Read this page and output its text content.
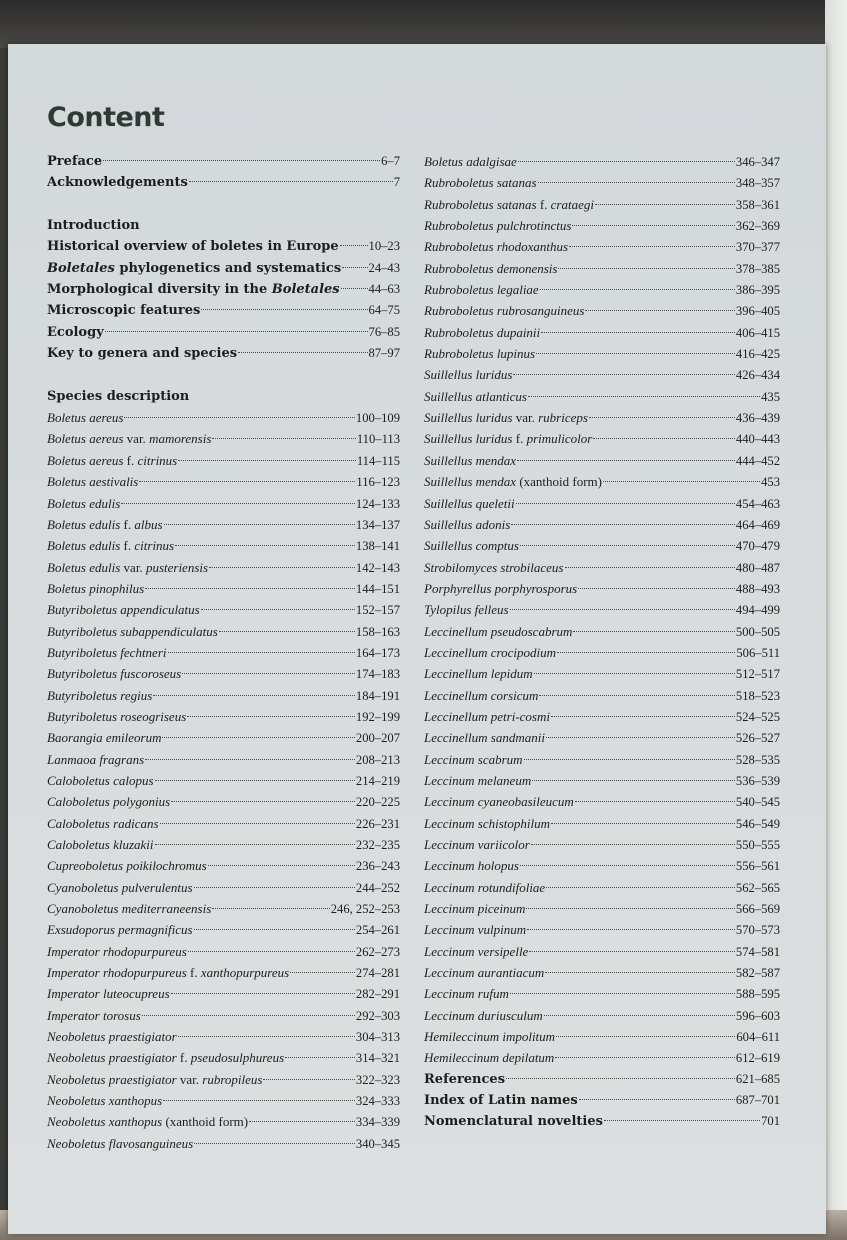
Content
Preface	6–7
Acknowledgements	7
Introduction
Historical overview of boletes in Europe 10–23
Boletales phylogenetics and systematics 24–43
Morphological diversity in the Boletales 44–63
Microscopic features	64–75
Ecology	76–85
Key to genera and species	87–97
Species description
Boletus aereus	100–109
Boletus aereus var. mamorensis	110–113
Boletus aereus f. citrinus	114–115
Boletus aestivalis	116–123
Boletus edulis	124–133
Boletus edulis f. albus	134–137
Boletus edulis f. citrinus	138–141
Boletus edulis var. pusteriensis	142–143
Boletus pinophilus	144–151
Butyriboletus appendiculatus	152–157
Butyriboletus subappendiculatus	158–163
Butyriboletus fechtneri	164–173
Butyriboletus fuscoroseus	174–183
Butyriboletus regius	184–191
Butyriboletus roseogriseus	192–199
Baorangia emileorum	200–207
Lanmaoa fragrans	208–213
Caloboletus calopus	214–219
Caloboletus polygonius	220–225
Caloboletus radicans	226–231
Caloboletus kluzakii	232–235
Cupreoboletus poikilochromus	236–243
Cyanoboletus pulverulentus	244–252
Cyanoboletus mediterraneensis	246, 252–253
Exsudoporus permagnificus	254–261
Imperator rhodopurpureus	262–273
Imperator rhodopurpureus f. xanthopurpureus	274–281
Imperator luteocupreus	282–291
Imperator torosus	292–303
Neoboletus praestigiator	304–313
Neoboletus praestigiator f. pseudosulphureus	314–321
Neoboletus praestigiator var. rubropileus	322–323
Neoboletus xanthopus	324–333
Neoboletus xanthopus (xanthoid form)	334–339
Neoboletus flavosanguineus	340–345
Boletus adalgisae	346–347
Rubroboletus satanas	348–357
Rubroboletus satanas f. crataegi	358–361
Rubroboletus pulchrotinctus	362–369
Rubroboletus rhodoxanthus	370–377
Rubroboletus demonensis	378–385
Rubroboletus legaliae	386–395
Rubroboletus rubrosanguineus	396–405
Rubroboletus dupainii	406–415
Rubroboletus lupinus	416–425
Suillellus luridus	426–434
Suillellus atlanticus	435
Suillellus luridus var. rubriceps	436–439
Suillellus luridus f. primulicolor	440–443
Suillellus mendax	444–452
Suillellus mendax (xanthoid form)	453
Suillellus queletii	454–463
Suillellus adonis	464–469
Suillellus comptus	470–479
Strobilomyces strobilaceus	480–487
Porphyrellus porphyrosporus	488–493
Tylopilus felleus	494–499
Leccinellum pseudoscabrum	500–505
Leccinellum crocipodium	506–511
Leccinellum lepidum	512–517
Leccinellum corsicum	518–523
Leccinellum petri-cosmi	524–525
Leccinellum sandmanii	526–527
Leccinum scabrum	528–535
Leccinum melaneum	536–539
Leccinum cyaneobasileucum	540–545
Leccinum schistophilum	546–549
Leccinum variicolor	550–555
Leccinum holopus	556–561
Leccinum rotundifoliae	562–565
Leccinum piceinum	566–569
Leccinum vulpinum	570–573
Leccinum versipelle	574–581
Leccinum aurantiacum	582–587
Leccinum rufum	588–595
Leccinum duriusculum	596–603
Hemileccinum impolitum	604–611
Hemileccinum depilatum	612–619
References	621–685
Index of Latin names	687–701
Nomenclatural novelties	701
